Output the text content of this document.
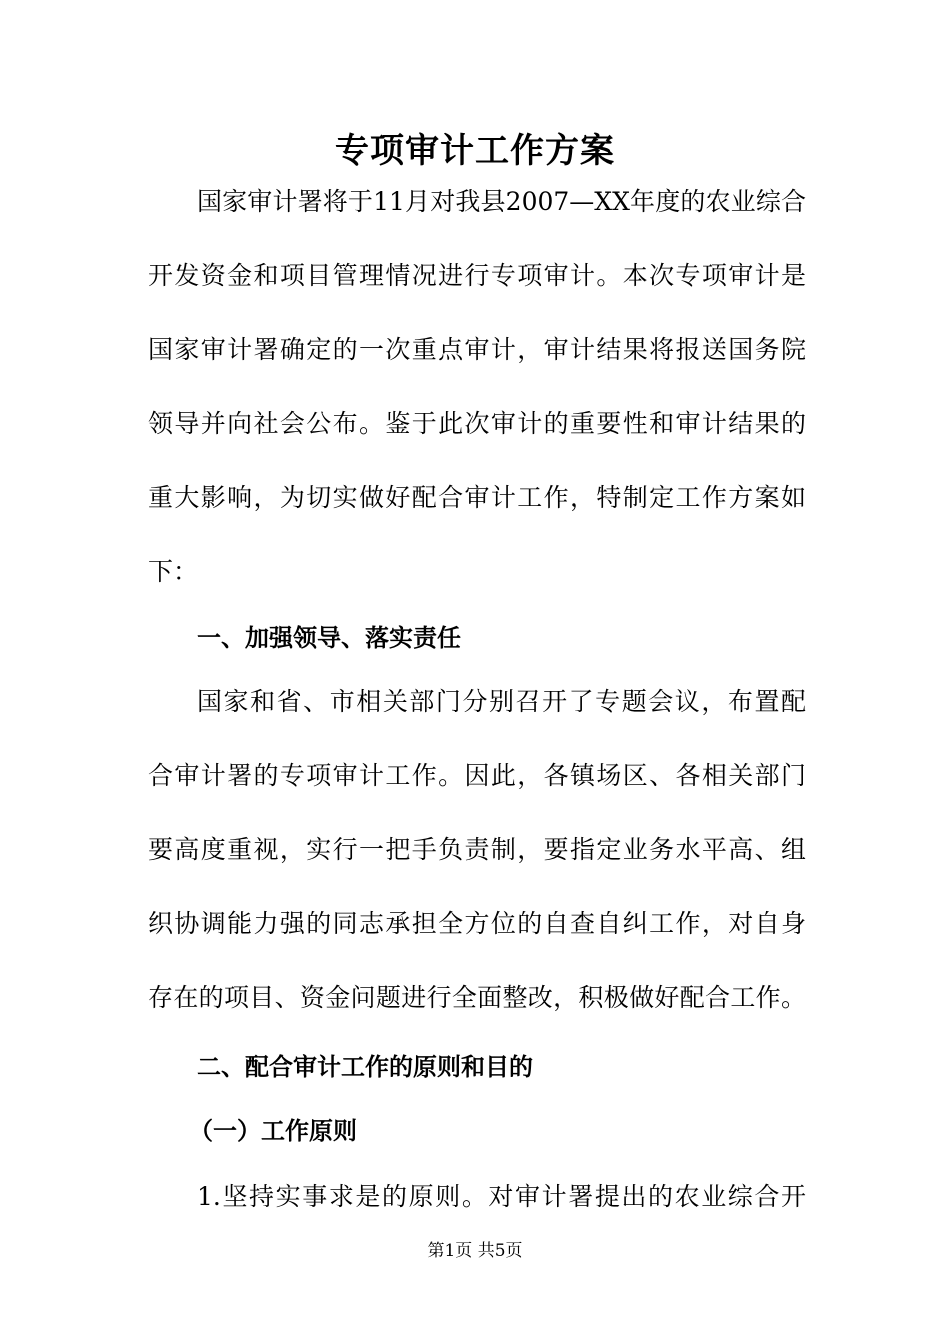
专项审计工作方案
国家审计署将于11月对我县2007—XX年度的农业综合
开发资金和项目管理情况进行专项审计。本次专项审计是
国家审计署确定的一次重点审计，审计结果将报送国务院
领导并向社会公布。鉴于此次审计的重要性和审计结果的
重大影响，为切实做好配合审计工作，特制定工作方案如
下：
一、加强领导、落实责任
国家和省、市相关部门分别召开了专题会议，布置配
合审计署的专项审计工作。因此，各镇场区、各相关部门
要高度重视，实行一把手负责制，要指定业务水平高、组
织协调能力强的同志承担全方位的自查自纠工作，对自身
存在的项目、资金问题进行全面整改，积极做好配合工作。
二、配合审计工作的原则和目的
（一）工作原则
1.坚持实事求是的原则。对审计署提出的农业综合开
第1页 共5页
